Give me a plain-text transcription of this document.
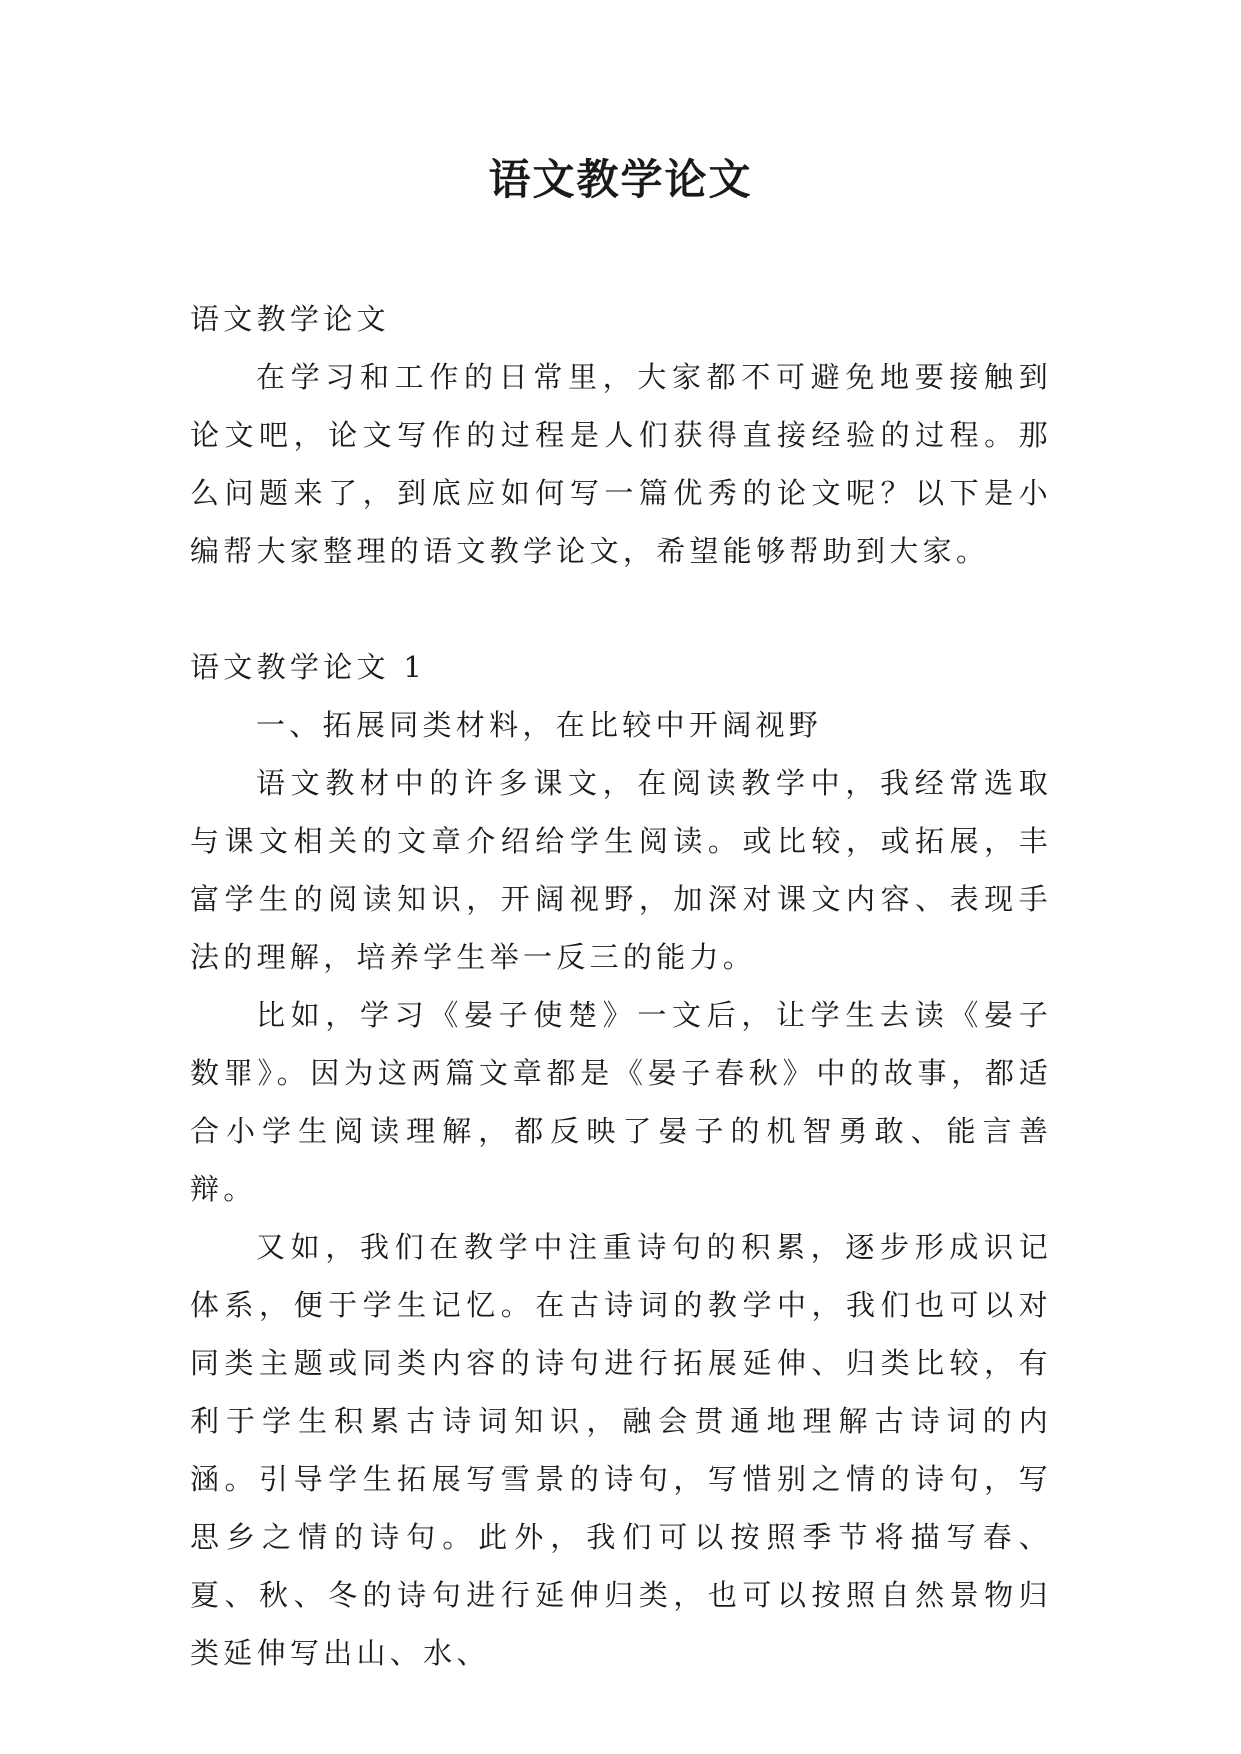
语文教学论文

语文教学论文

在学习和工作的日常里，大家都不可避免地要接触到论文吧，论文写作的过程是人们获得直接经验的过程。那么问题来了，到底应如何写一篇优秀的论文呢？以下是小编帮大家整理的语文教学论文，希望能够帮助到大家。

语文教学论文 1

一、拓展同类材料，在比较中开阔视野

语文教材中的许多课文，在阅读教学中，我经常选取与课文相关的文章介绍给学生阅读。或比较，或拓展，丰富学生的阅读知识，开阔视野，加深对课文内容、表现手法的理解，培养学生举一反三的能力。

比如，学习《晏子使楚》一文后，让学生去读《晏子数罪》。因为这两篇文章都是《晏子春秋》中的故事，都适合小学生阅读理解，都反映了晏子的机智勇敢、能言善辩。

又如，我们在教学中注重诗句的积累，逐步形成识记体系，便于学生记忆。在古诗词的教学中，我们也可以对同类主题或同类内容的诗句进行拓展延伸、归类比较，有利于学生积累古诗词知识，融会贯通地理解古诗词的内涵。引导学生拓展写雪景的诗句，写惜别之情的诗句，写思乡之情的诗句。此外，我们可以按照季节将描写春、夏、秋、冬的诗句进行延伸归类，也可以按照自然景物归类延伸写出山、水、
